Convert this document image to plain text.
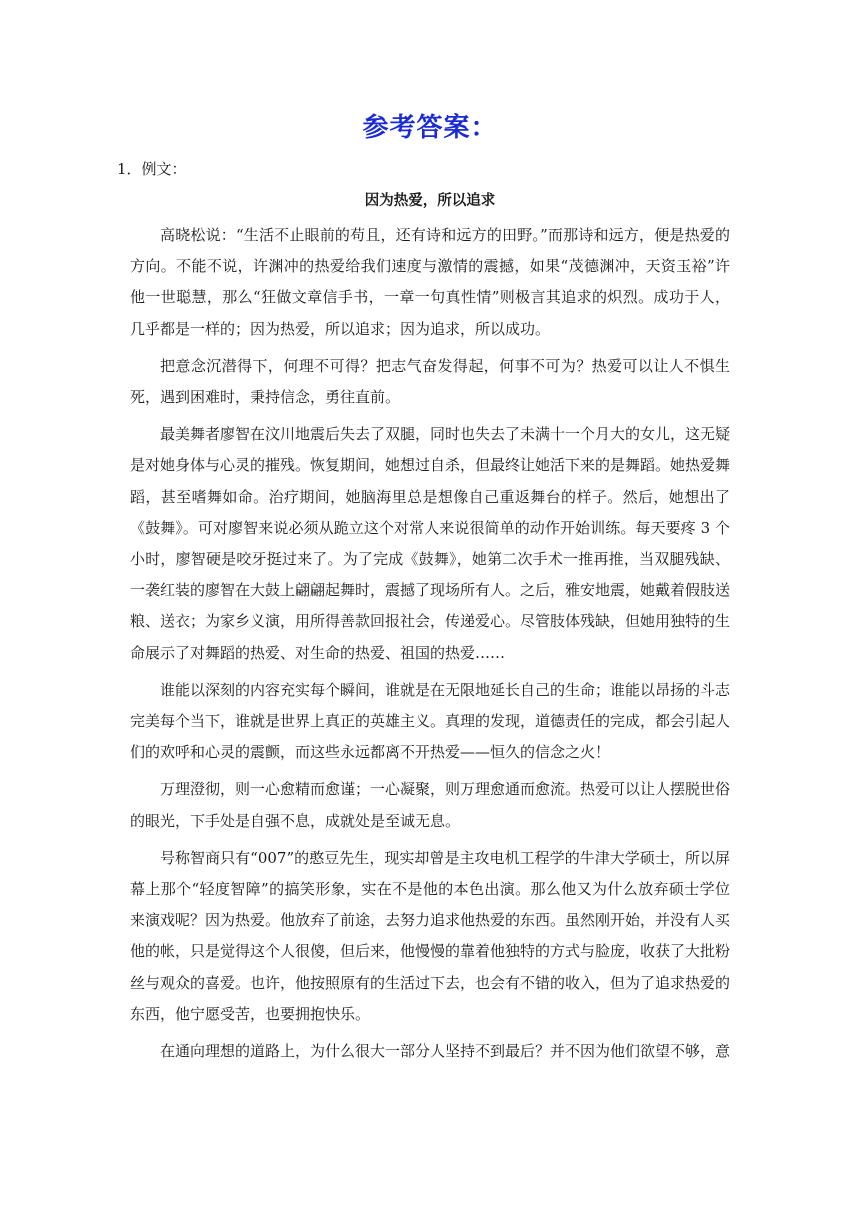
参考答案：
1．例文：
因为热爱，所以追求

高晓松说：“生活不止眼前的苟且，还有诗和远方的田野。”而那诗和远方，便是热爱的方向。不能不说，许渊冲的热爱给我们速度与激情的震撼，如果“茂德渊冲，天资玉裕”许他一世聪慧，那么“狂做文章信手书，一章一句真性情”则极言其追求的炽烈。成功于人，几乎都是一样的；因为热爱，所以追求；因为追求，所以成功。

把意念沉潜得下，何理不可得？把志气奋发得起，何事不可为？热爱可以让人不惧生死，遇到困难时，秉持信念，勇往直前。

最美舞者廖智在汶川地震后失去了双腿，同时也失去了未满十一个月大的女儿，这无疑是对她身体与心灵的摧残。恢复期间，她想过自杀，但最终让她活下来的是舞蹈。她热爱舞蹈，甚至嗜舞如命。治疗期间，她脑海里总是想像自己重返舞台的样子。然后，她想出了《鼓舞》。可对廖智来说必须从跪立这个对常人来说很简单的动作开始训练。每天要疼 3 个小时，廖智硬是咬牙挺过来了。为了完成《鼓舞》，她第二次手术一推再推，当双腿残缺、一袭红装的廖智在大鼓上翩翩起舞时，震撼了现场所有人。之后，雅安地震，她戴着假肢送粮、送衣；为家乡义演，用所得善款回报社会，传递爱心。尽管肢体残缺，但她用独特的生命展示了对舞蹈的热爱、对生命的热爱、祖国的热爱……

谁能以深刻的内容充实每个瞬间，谁就是在无限地延长自己的生命；谁能以昂扬的斗志完美每个当下，谁就是世界上真正的英雄主义。真理的发现，道德责任的完成，都会引起人们的欢呼和心灵的震颤，而这些永远都离不开热爱——恒久的信念之火！

万理澄彻，则一心愈精而愈谨；一心凝聚，则万理愈通而愈流。热爱可以让人摆脱世俗的眼光，下手处是自强不息，成就处是至诚无息。

号称智商只有“007”的憨豆先生，现实却曾是主攻电机工程学的牛津大学硕士，所以屏幕上那个“轻度智障”的搞笑形象，实在不是他的本色出演。那么他又为什么放弃硕士学位来演戏呢？因为热爱。他放弃了前途，去努力追求他热爱的东西。虽然刚开始，并没有人买他的帐，只是觉得这个人很傻，但后来，他慢慢的靠着他独特的方式与脸庞，收获了大批粉丝与观众的喜爱。也许，他按照原有的生活过下去，也会有不错的收入，但为了追求热爱的东西，他宁愿受苦，也要拥抱快乐。

在通向理想的道路上，为什么很大一部分人坚持不到最后？并不因为他们欲望不够，意
